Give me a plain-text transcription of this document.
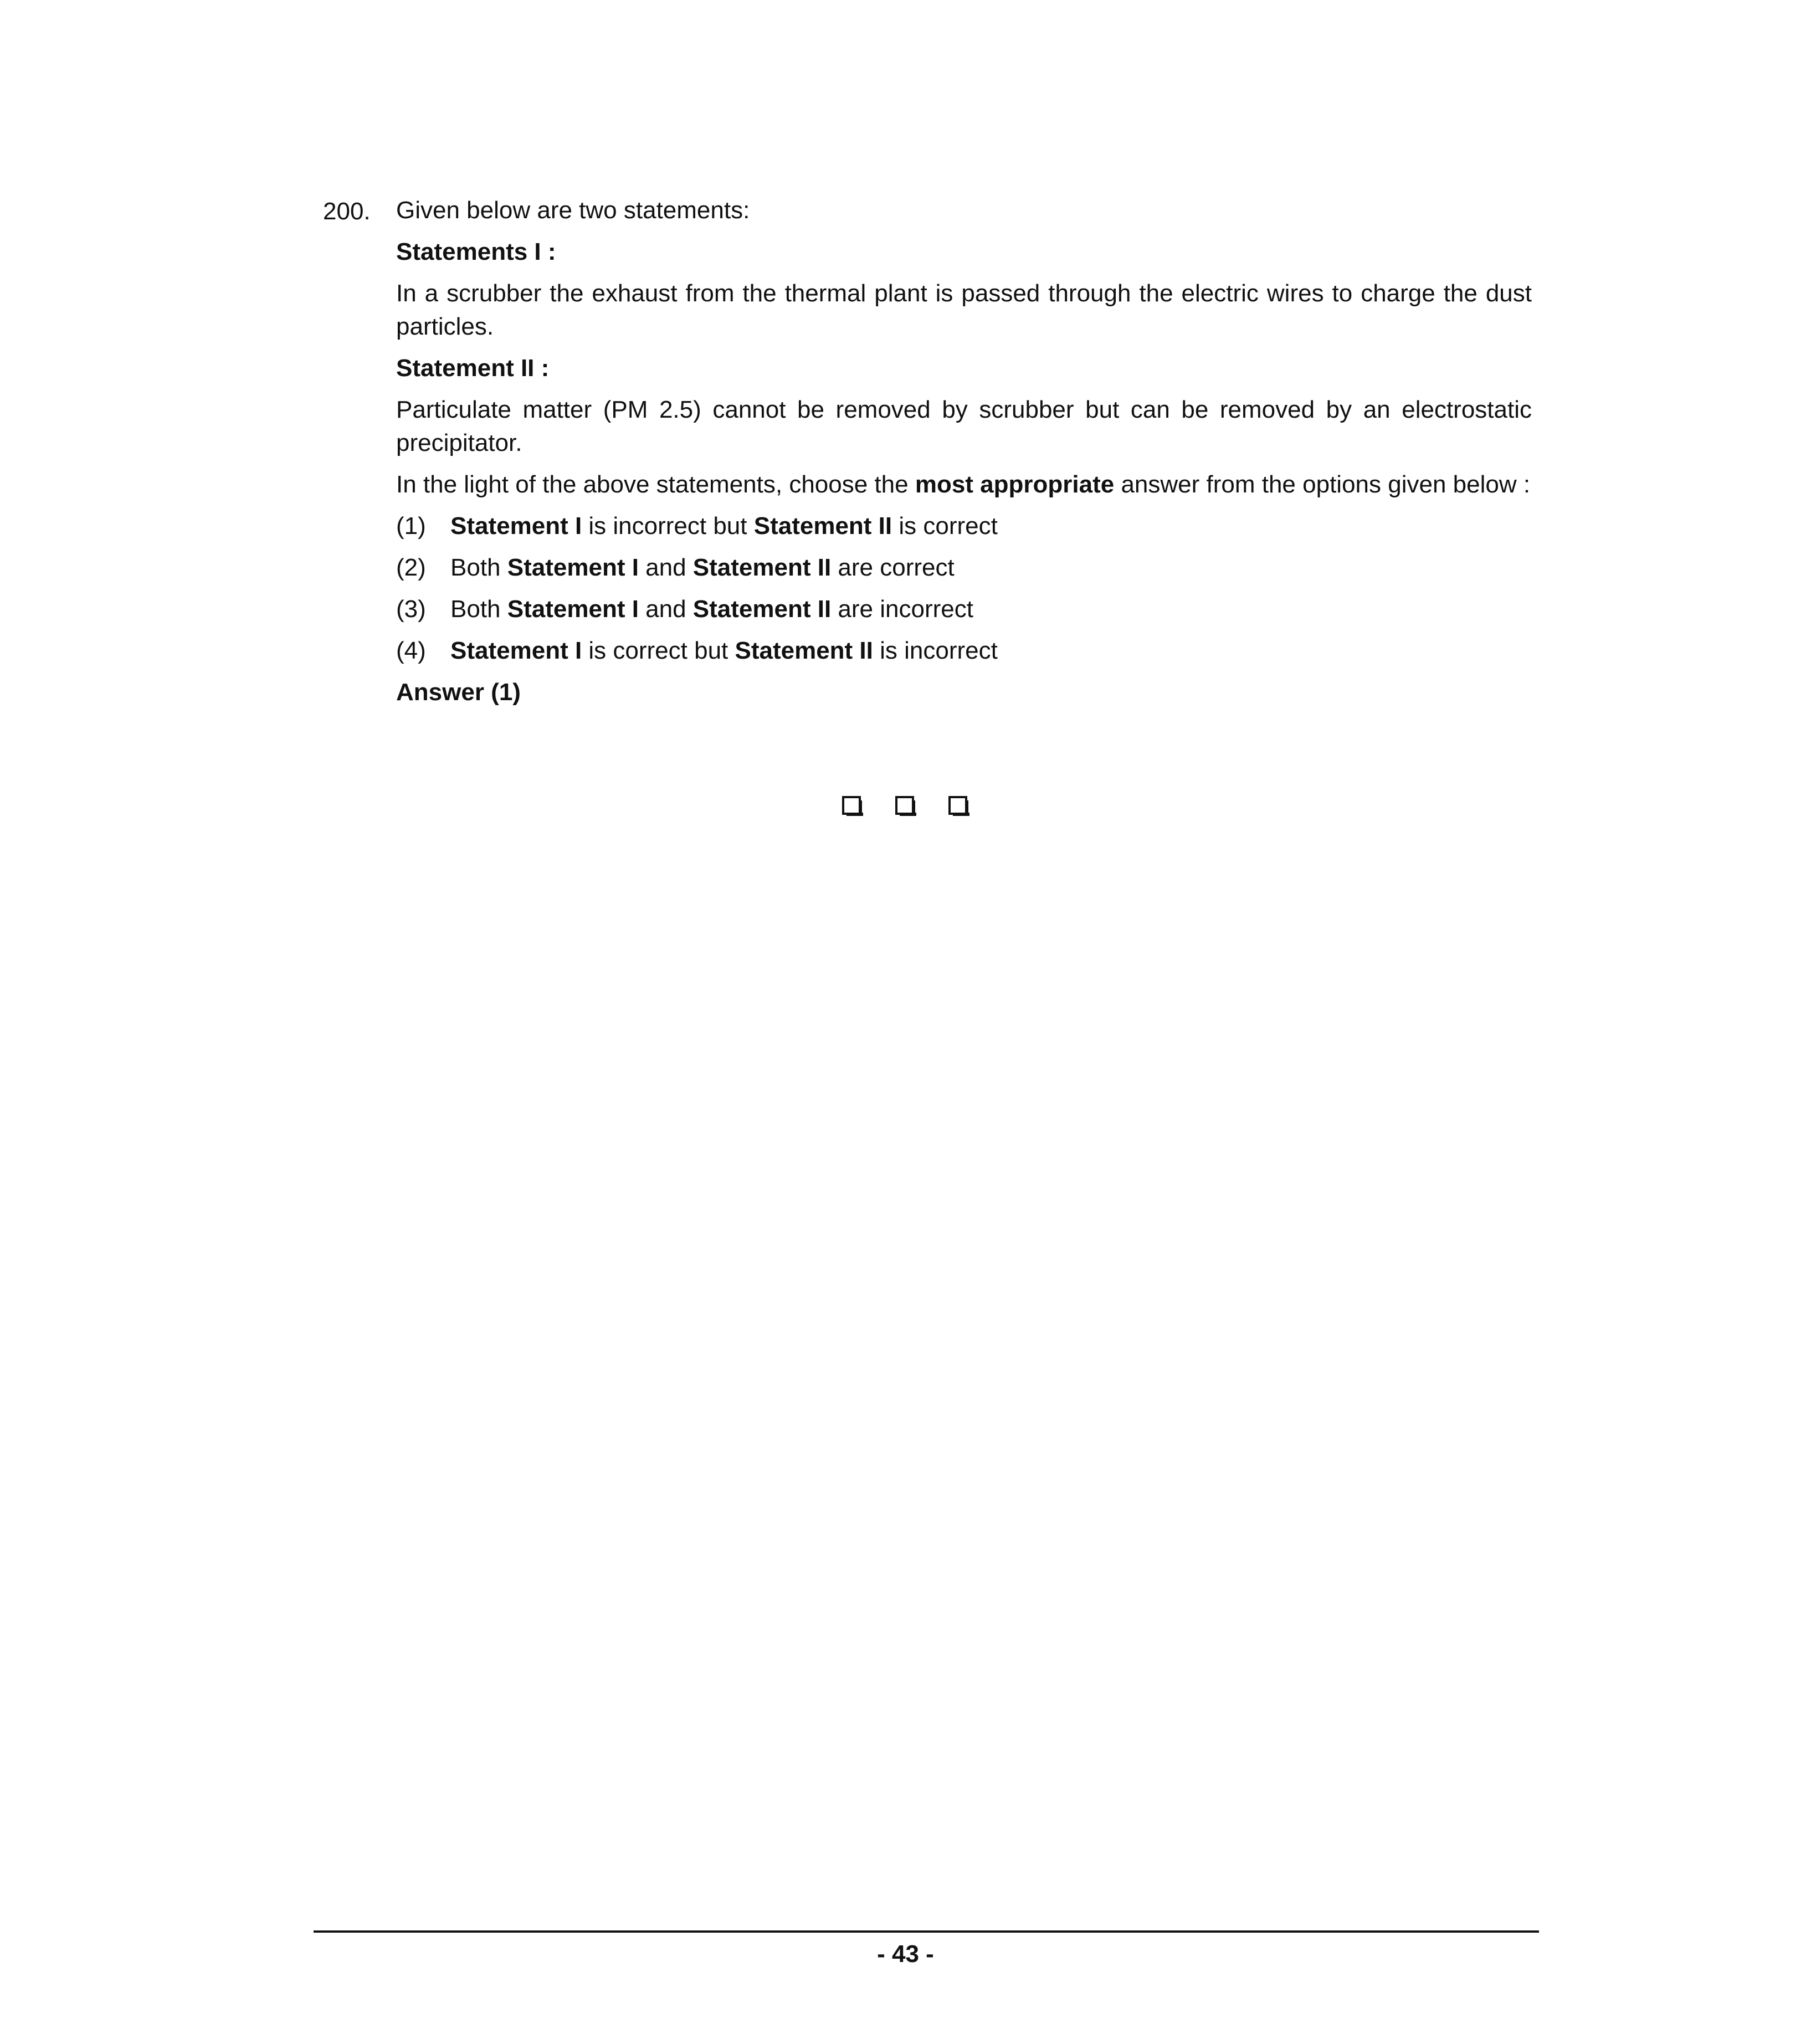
200. Given below are two statements:

Statements I :

In a scrubber the exhaust from the thermal plant is passed through the electric wires to charge the dust particles.

Statement II :

Particulate matter (PM 2.5) cannot be removed by scrubber but can be removed by an electrostatic precipitator.

In the light of the above statements, choose the most appropriate answer from the options given below :

(1)	Statement I is incorrect but Statement II is correct
(2)	Both Statement I and Statement II are correct
(3)	Both Statement I and Statement II are incorrect
(4)	Statement I is correct but Statement II is incorrect

Answer (1)

- 43 -
